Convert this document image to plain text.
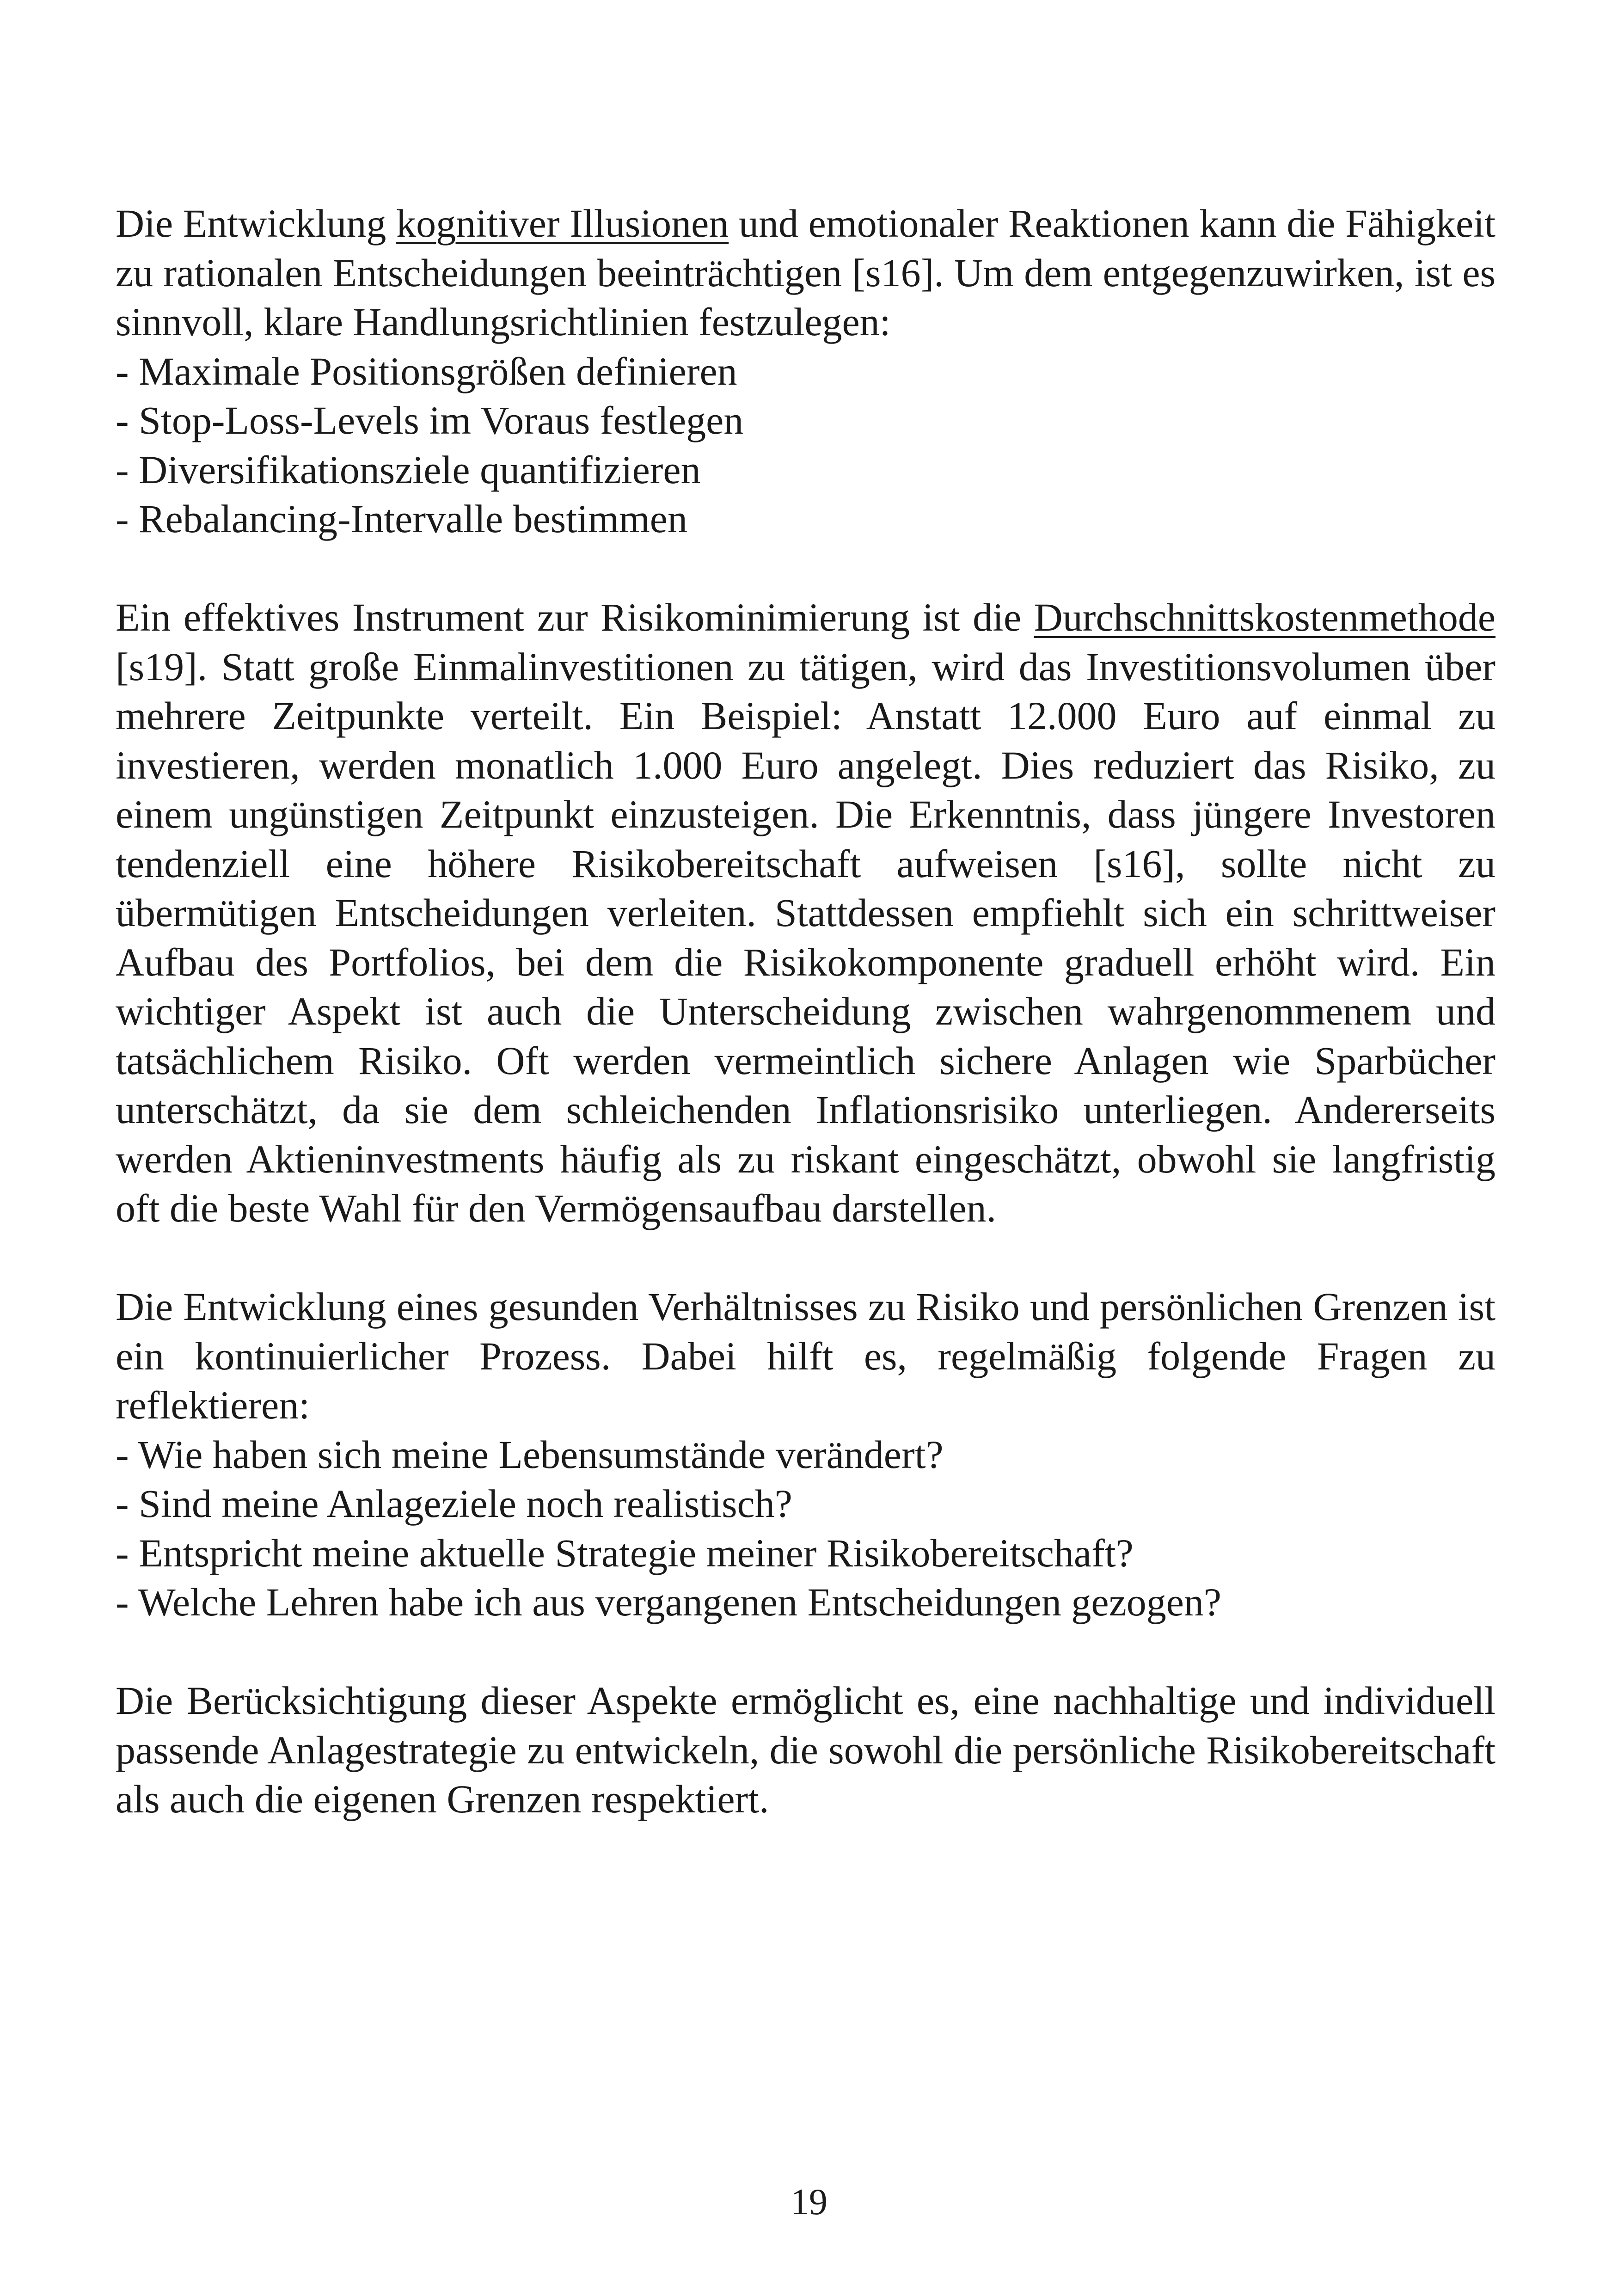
Die Entwicklung kognitiver Illusionen und emotionaler Reaktionen kann die Fähigkeit zu rationalen Entscheidungen beeinträchtigen [s16]. Um dem entgegenzuwirken, ist es sinnvoll, klare Handlungsrichtlinien festzulegen:

- Maximale Positionsgrößen definieren

- Stop-Loss-Levels im Voraus festlegen

- Diversifikationsziele quantifizieren

- Rebalancing-Intervalle bestimmen

Ein effektives Instrument zur Risikominimierung ist die Durchschnittskostenmethode [s19]. Statt große Einmalinvestitionen zu tätigen, wird das Investitionsvolumen über mehrere Zeitpunkte verteilt. Ein Beispiel: Anstatt 12.000 Euro auf einmal zu investieren, werden monatlich 1.000 Euro angelegt. Dies reduziert das Risiko, zu einem ungünstigen Zeitpunkt einzusteigen. Die Erkenntnis, dass jüngere Investoren tendenziell eine höhere Risikobereitschaft aufweisen [s16], sollte nicht zu übermütigen Entscheidungen verleiten. Stattdessen empfiehlt sich ein schrittweiser Aufbau des Portfolios, bei dem die Risikokomponente graduell erhöht wird. Ein wichtiger Aspekt ist auch die Unterscheidung zwischen wahrgenommenem und tatsächlichem Risiko. Oft werden vermeintlich sichere Anlagen wie Sparbücher unterschätzt, da sie dem schleichenden Inflationsrisiko unterliegen. Andererseits werden Aktieninvestments häufig als zu riskant eingeschätzt, obwohl sie langfristig oft die beste Wahl für den Vermögensaufbau darstellen.

Die Entwicklung eines gesunden Verhältnisses zu Risiko und persönlichen Grenzen ist ein kontinuierlicher Prozess. Dabei hilft es, regelmäßig folgende Fragen zu reflektieren:

- Wie haben sich meine Lebensumstände verändert?

- Sind meine Anlageziele noch realistisch?

- Entspricht meine aktuelle Strategie meiner Risikobereitschaft?

- Welche Lehren habe ich aus vergangenen Entscheidungen gezogen?

Die Berücksichtigung dieser Aspekte ermöglicht es, eine nachhaltige und individuell passende Anlagestrategie zu entwickeln, die sowohl die persönliche Risikobereitschaft als auch die eigenen Grenzen respektiert.

19
